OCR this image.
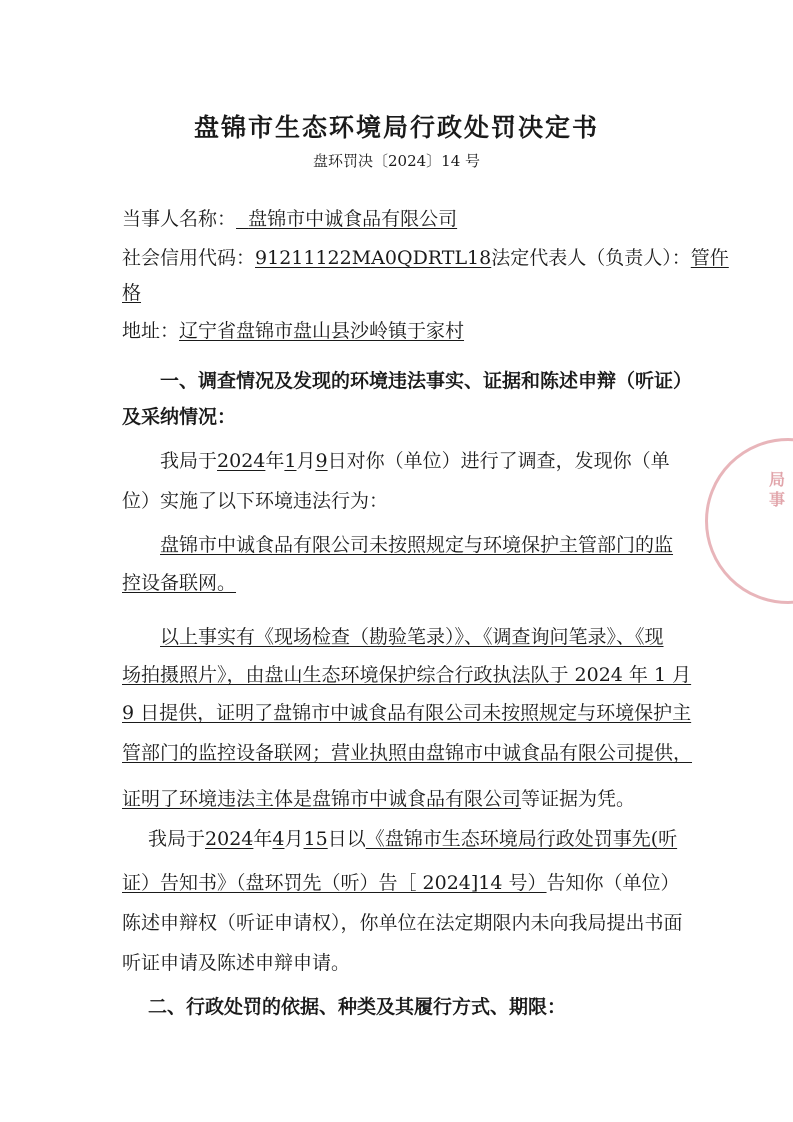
盘锦市生态环境局行政处罚决定书
盘环罚决〔2024〕14 号
当事人名称： 盘锦市中诚食品有限公司
社会信用代码：91211122MA0QDRTL18法定代表人（负责人）：管仵
格
地址：辽宁省盘锦市盘山县沙岭镇于家村
一、调查情况及发现的环境违法事实、证据和陈述申辩（听证）
及采纳情况：
我局于2024年1月9日对你（单位）进行了调查，发现你（单
位）实施了以下环境违法行为：
盘锦市中诚食品有限公司未按照规定与环境保护主管部门的监
控设备联网。
以上事实有《现场检查（勘验笔录）》、《调查询问笔录》、《现
场拍摄照片》，由盘山生态环境保护综合行政执法队于 2024 年 1 月
9 日提供，证明了盘锦市中诚食品有限公司未按照规定与环境保护主
管部门的监控设备联网；营业执照由盘锦市中诚食品有限公司提供，
证明了环境违法主体是盘锦市中诚食品有限公司等证据为凭。
我局于2024年4月15日以《盘锦市生态环境局行政处罚事先(听
证）告知书》（盘环罚先（听）告［ 2024]14 号）告知你（单位）
陈述申辩权（听证申请权），你单位在法定期限内未向我局提出书面
听证申请及陈述申辩申请。
二、行政处罚的依据、种类及其履行方式、期限：
局事
